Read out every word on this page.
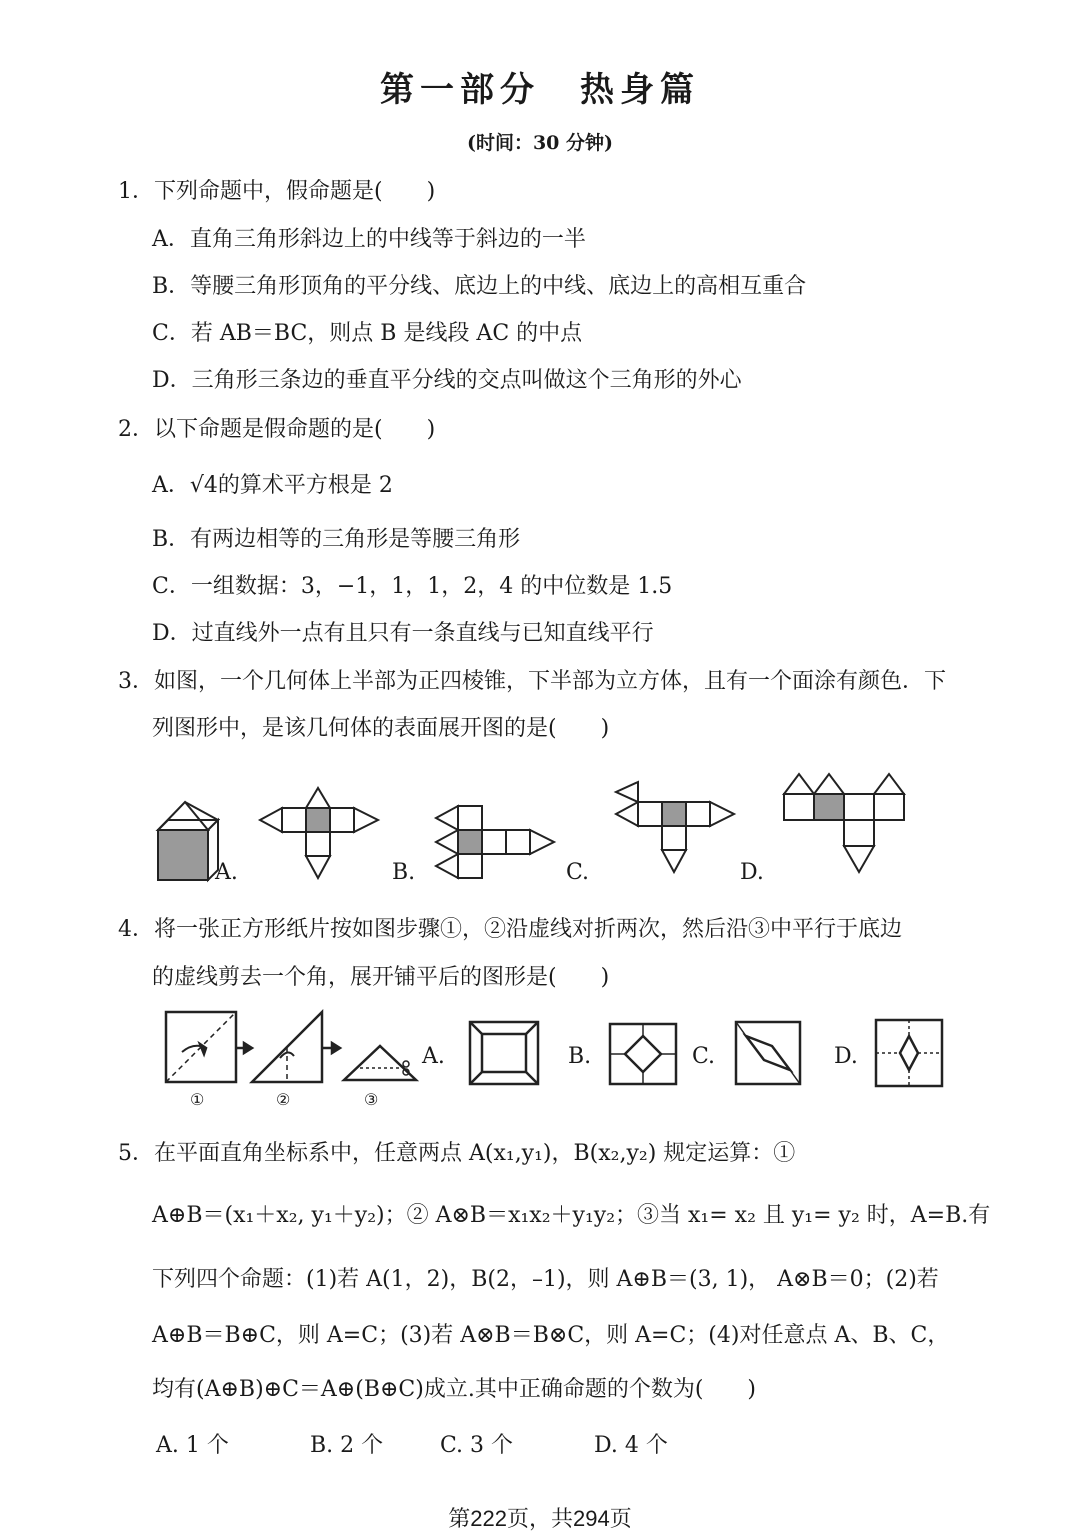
第一部分　热身篇
(时间：30 分钟)
1．下列命题中，假命题是(　　)
A．直角三角形斜边上的中线等于斜边的一半
B．等腰三角形顶角的平分线、底边上的中线、底边上的高相互重合
C．若 AB＝BC，则点 B 是线段 AC 的中点
D．三角形三条边的垂直平分线的交点叫做这个三角形的外心
2．以下命题是假命题的是(　　)
A．√4的算术平方根是 2
B．有两边相等的三角形是等腰三角形
C．一组数据：3，−1，1，1，2，4 的中位数是 1.5
D．过直线外一点有且只有一条直线与已知直线平行
3．如图，一个几何体上半部为正四棱锥，下半部为立方体，且有一个面涂有颜色．下
列图形中，是该几何体的表面展开图的是(　　)
A.	B.	C.	D.
4．将一张正方形纸片按如图步骤①，②沿虚线对折两次，然后沿③中平行于底边
的虚线剪去一个角，展开铺平后的图形是(　　)
①	②	③
A.	B.	C.	D.
5．在平面直角坐标系中，任意两点 A(x₁,y₁)，B(x₂,y₂) 规定运算：①
A⊕B＝(x₁＋x₂, y₁＋y₂)；② A⊗B＝x₁x₂＋y₁y₂；③当 x₁= x₂ 且 y₁= y₂ 时，A=B.有
下列四个命题：(1)若 A(1，2)，B(2，–1)，则 A⊕B＝(3, 1)， A⊗B＝0；(2)若
A⊕B＝B⊕C，则 A=C；(3)若 A⊗B＝B⊗C，则 A=C；(4)对任意点 A、B、C，
均有(A⊕B)⊕C＝A⊕(B⊕C)成立.其中正确命题的个数为(　　)
A. 1 个	B. 2 个	C. 3 个	D. 4 个
第222页，共294页
